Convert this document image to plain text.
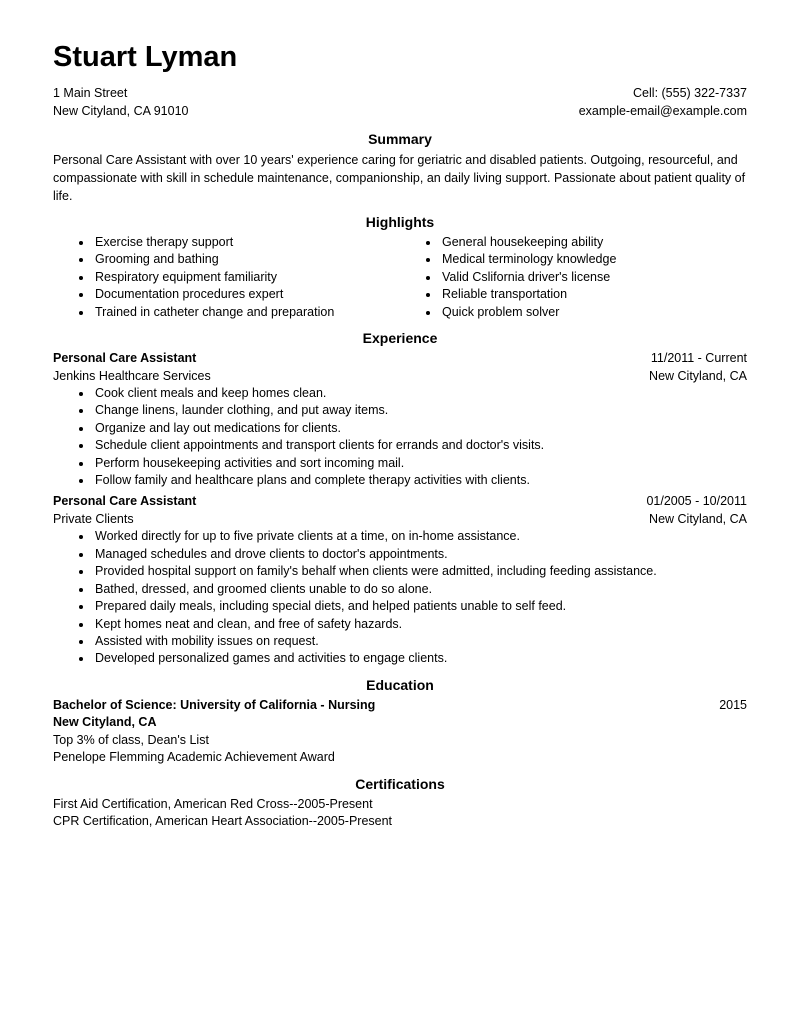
Stuart Lyman
1 Main Street
New Cityland, CA 91010
Cell: (555) 322-7337
example-email@example.com
Summary
Personal Care Assistant with over 10 years' experience caring for geriatric and disabled patients. Outgoing, resourceful, and compassionate with skill in schedule maintenance, companionship, an daily living support. Passionate about patient quality of life.
Highlights
• Exercise therapy support
• Grooming and bathing
• Respiratory equipment familiarity
• Documentation procedures expert
• Trained in catheter change and preparation
• General housekeeping ability
• Medical terminology knowledge
• Valid Cslifornia driver's license
• Reliable transportation
• Quick problem solver
Experience
Personal Care Assistant	11/2011 - Current
Jenkins Healthcare Services	New Cityland, CA
• Cook client meals and keep homes clean.
• Change linens, launder clothing, and put away items.
• Organize and lay out medications for clients.
• Schedule client appointments and transport clients for errands and doctor's visits.
• Perform housekeeping activities and sort incoming mail.
• Follow family and healthcare plans and complete therapy activities with clients.
Personal Care Assistant	01/2005 - 10/2011
Private Clients	New Cityland, CA
• Worked directly for up to five private clients at a time, on in-home assistance.
• Managed schedules and drove clients to doctor's appointments.
• Provided hospital support on family's behalf when clients were admitted, including feeding assistance.
• Bathed, dressed, and groomed clients unable to do so alone.
• Prepared daily meals, including special diets, and helped patients unable to self feed.
• Kept homes neat and clean, and free of safety hazards.
• Assisted with mobility issues on request.
• Developed personalized games and activities to engage clients.
Education
Bachelor of Science: University of California - Nursing	2015
New Cityland, CA
Top 3% of class, Dean's List
Penelope Flemming Academic Achievement Award
Certifications
First Aid Certification, American Red Cross--2005-Present
CPR Certification, American Heart Association--2005-Present
